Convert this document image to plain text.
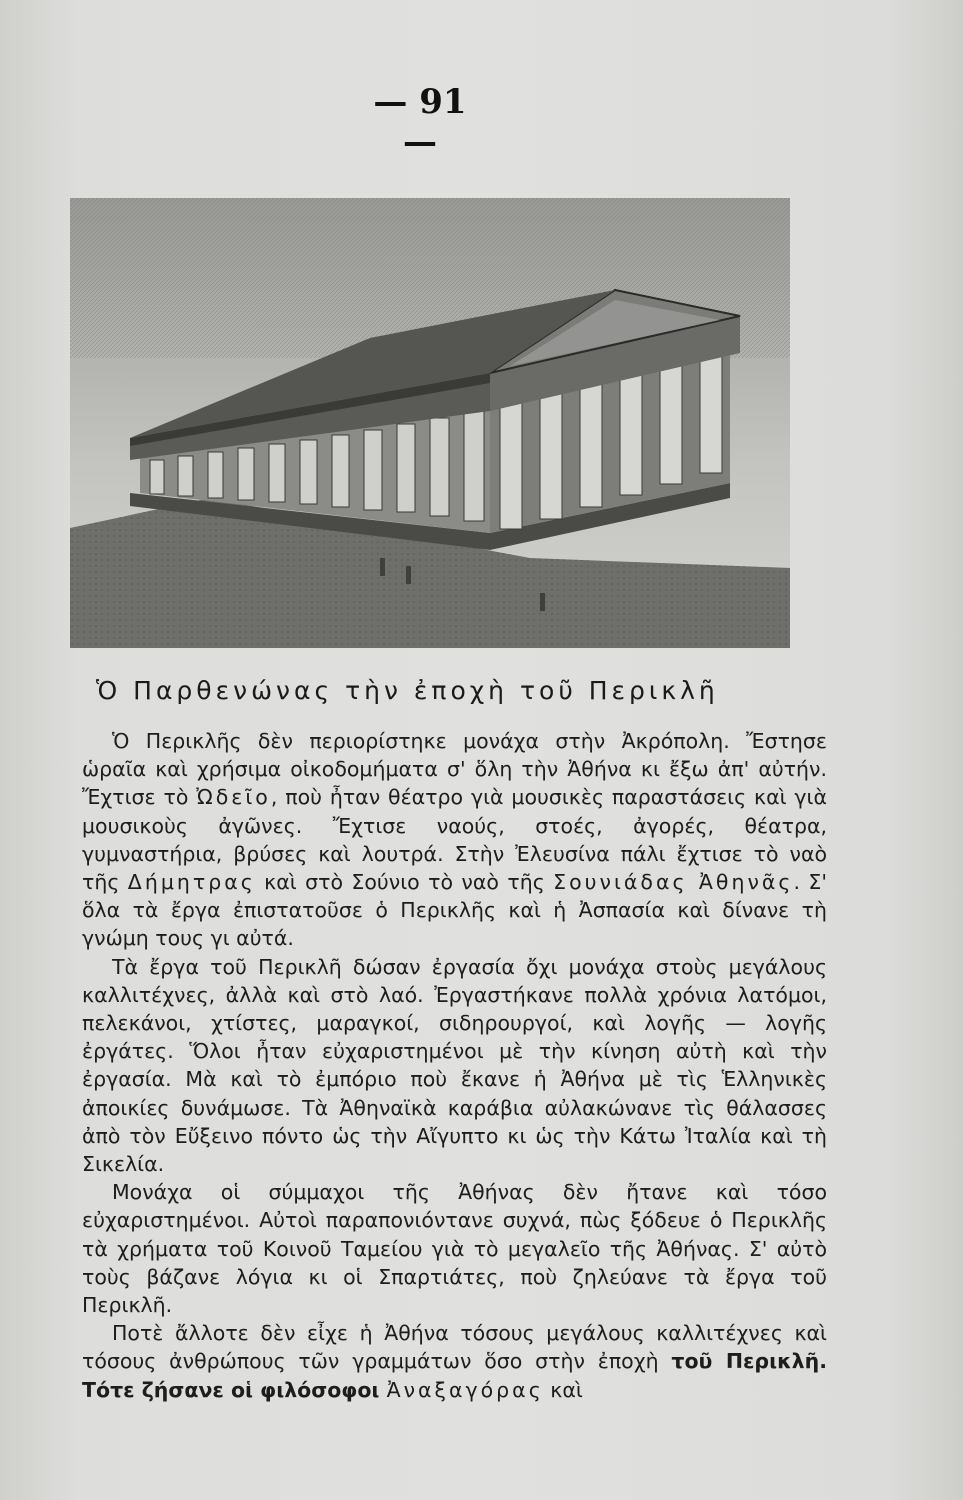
— 91 —
Ὁ Παρθενώνας τὴν ἐποχὴ τοῦ Περικλῆ

Ὁ Περικλῆς δὲν περιορίστηκε μονάχα στὴν Ἀκρόπολη. Ἔστησε ὡραῖα καὶ χρήσιμα οἰκοδομήματα σ' ὅλη τὴν Ἀθήνα κι ἔξω ἀπ' αὐτήν. Ἔχτισε τὸ Ὠδεῖο, ποὺ ἦταν θέατρο γιὰ μουσικὲς παραστάσεις καὶ γιὰ μουσικοὺς ἀγῶνες. Ἔχτισε ναούς, στοές, ἀγορές, θέατρα, γυμναστήρια, βρύσες καὶ λουτρά. Στὴν Ἐλευσίνα πάλι ἔχτισε τὸ ναὸ τῆς Δήμητρας καὶ στὸ Σούνιο τὸ ναὸ τῆς Σουνιάδας Ἀθηνᾶς. Σ' ὅλα τὰ ἔργα ἐπιστατοῦσε ὁ Περικλῆς καὶ ἡ Ἀσπασία καὶ δίνανε τὴ γνώμη τους γι αὐτά.

Τὰ ἔργα τοῦ Περικλῆ δώσαν ἐργασία ὄχι μονάχα στοὺς μεγάλους καλλιτέχνες, ἀλλὰ καὶ στὸ λαό. Ἐργαστήκανε πολλὰ χρόνια λατόμοι, πελεκάνοι, χτίστες, μαραγκοί, σιδηρουργοί, καὶ λογῆς — λογῆς ἐργάτες. Ὅλοι ἦταν εὐχαριστημένοι μὲ τὴν κίνηση αὐτὴ καὶ τὴν ἐργασία. Μὰ καὶ τὸ ἐμπόριο ποὺ ἔκανε ἡ Ἀθήνα μὲ τὶς Ἑλληνικὲς ἀποικίες δυνάμωσε. Τὰ Ἀθηναϊκὰ καράβια αὐλακώνανε τὶς θάλασσες ἀπὸ τὸν Εὔξεινο πόντο ὡς τὴν Αἴγυπτο κι ὡς τὴν Κάτω Ἰταλία καὶ τὴ Σικελία.

Μονάχα οἱ σύμμαχοι τῆς Ἀθήνας δὲν ἤτανε καὶ τόσο εὐχαριστημένοι. Αὐτοὶ παραπονιόντανε συχνά, πὼς ξόδευε ὁ Περικλῆς τὰ χρήματα τοῦ Κοινοῦ Ταμείου γιὰ τὸ μεγαλεῖο τῆς Ἀθήνας. Σ' αὐτὸ τοὺς βάζανε λόγια κι οἱ Σπαρτιάτες, ποὺ ζηλεύανε τὰ ἔργα τοῦ Περικλῆ.

Ποτὲ ἄλλοτε δὲν εἶχε ἡ Ἀθήνα τόσους μεγάλους καλλιτέχνες καὶ τόσους ἀνθρώπους τῶν γραμμάτων ὅσο στὴν ἐποχὴ τοῦ Περικλῆ. Τότε ζήσανε οἱ φιλόσοφοι Ἀναξαγόρας καὶ
